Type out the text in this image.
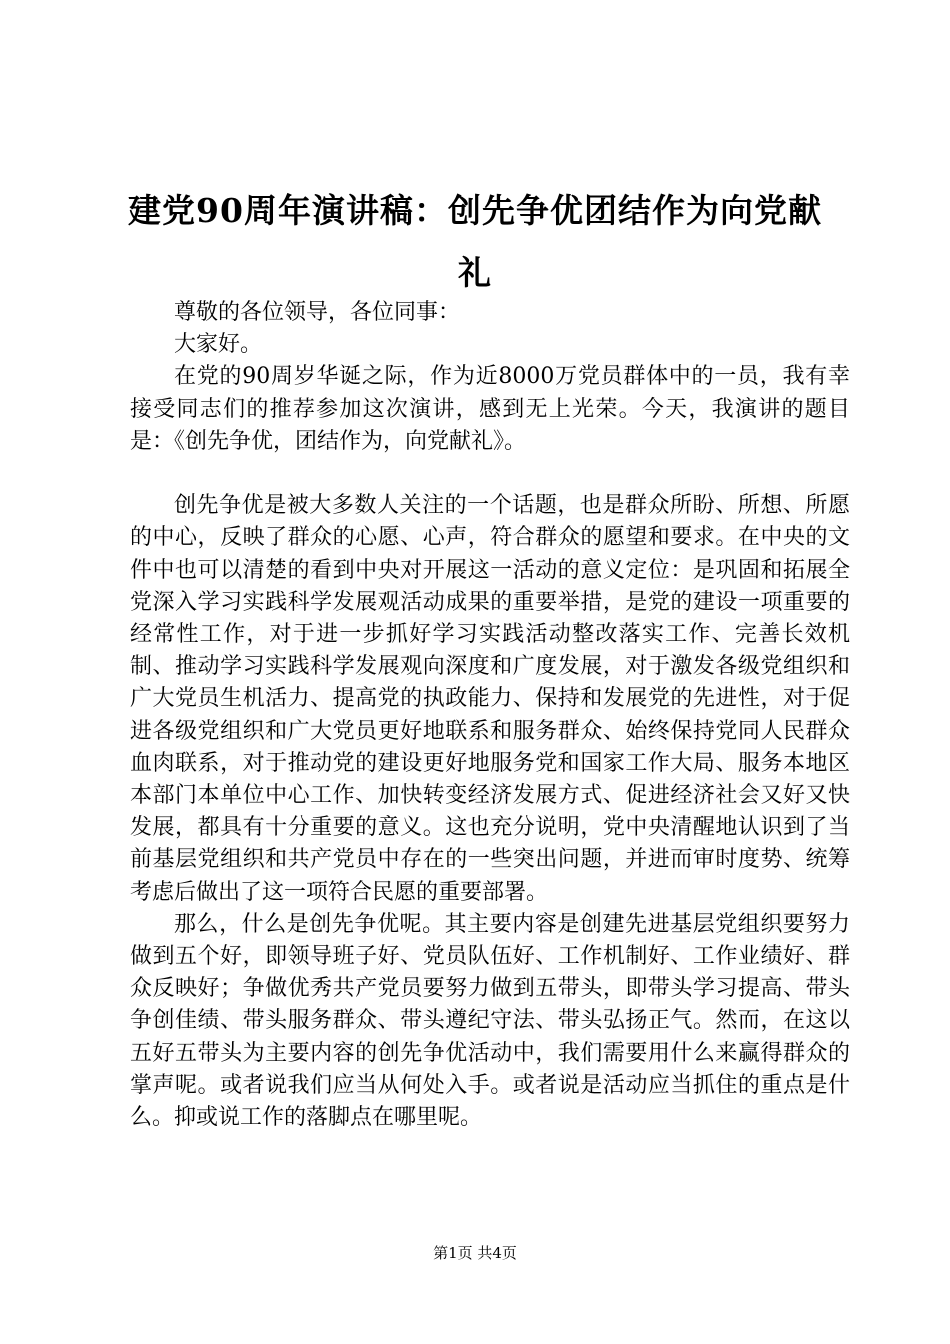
建党90周年演讲稿：创先争优团结作为向党献礼

尊敬的各位领导，各位同事：

大家好。

在党的90周岁华诞之际，作为近8000万党员群体中的一员，我有幸接受同志们的推荐参加这次演讲，感到无上光荣。今天，我演讲的题目是：《创先争优，团结作为，向党献礼》。

创先争优是被大多数人关注的一个话题，也是群众所盼、所想、所愿的中心，反映了群众的心愿、心声，符合群众的愿望和要求。在中央的文件中也可以清楚的看到中央对开展这一活动的意义定位：是巩固和拓展全党深入学习实践科学发展观活动成果的重要举措，是党的建设一项重要的经常性工作，对于进一步抓好学习实践活动整改落实工作、完善长效机制、推动学习实践科学发展观向深度和广度发展，对于激发各级党组织和广大党员生机活力、提高党的执政能力、保持和发展党的先进性，对于促进各级党组织和广大党员更好地联系和服务群众、始终保持党同人民群众血肉联系，对于推动党的建设更好地服务党和国家工作大局、服务本地区本部门本单位中心工作、加快转变经济发展方式、促进经济社会又好又快发展，都具有十分重要的意义。这也充分说明，党中央清醒地认识到了当前基层党组织和共产党员中存在的一些突出问题，并进而审时度势、统筹考虑后做出了这一项符合民愿的重要部署。

那么，什么是创先争优呢。其主要内容是创建先进基层党组织要努力做到五个好，即领导班子好、党员队伍好、工作机制好、工作业绩好、群众反映好；争做优秀共产党员要努力做到五带头，即带头学习提高、带头争创佳绩、带头服务群众、带头遵纪守法、带头弘扬正气。然而，在这以五好五带头为主要内容的创先争优活动中，我们需要用什么来赢得群众的掌声呢。或者说我们应当从何处入手。或者说是活动应当抓住的重点是什么。抑或说工作的落脚点在哪里呢。

第1页 共4页
